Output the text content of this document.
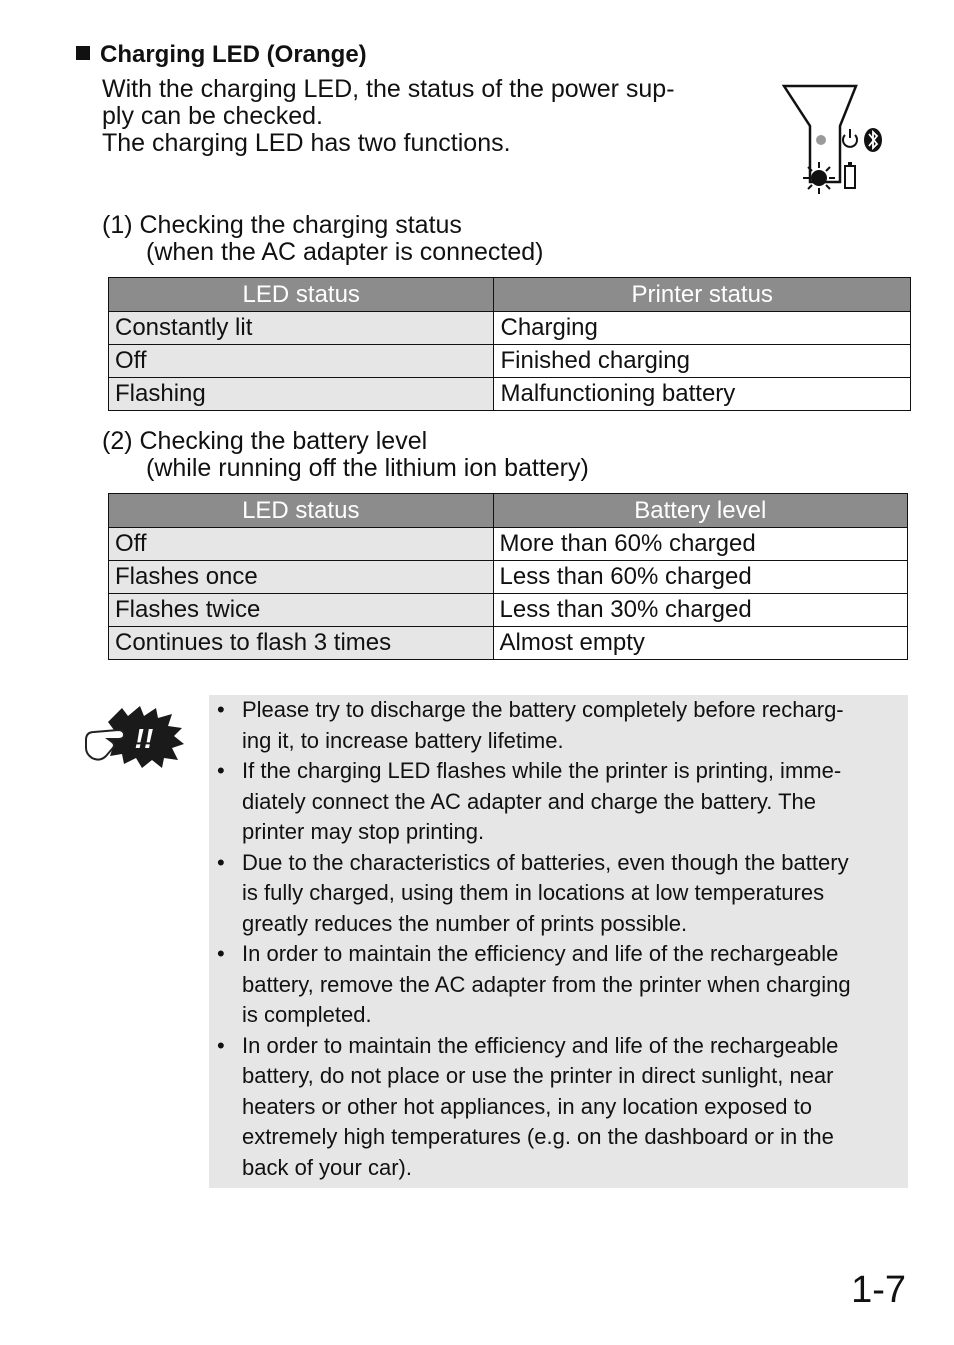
Charging LED (Orange)

With the charging LED, the status of the power sup-

ply can be checked.

The charging LED has two functions.

(1) Checking the charging status
(when the AC adapter is connected)
LED status	Printer status
Constantly lit	Charging
Off	Finished charging
Flashing	Malfunctioning battery
(2) Checking the battery level
(while running off the lithium ion battery)
LED status	Battery level
Off	More than 60% charged
Flashes once	Less than 60% charged
Flashes twice	Less than 30% charged
Continues to flash 3 times	Almost empty
!!
• Please try to discharge the battery completely before recharg-
ing it, to increase battery lifetime.
• If the charging LED flashes while the printer is printing, imme-
diately connect the AC adapter and charge the battery. The
printer may stop printing.
• Due to the characteristics of batteries, even though the battery
is fully charged, using them in locations at low temperatures
greatly reduces the number of prints possible.
• In order to maintain the efficiency and life of the rechargeable
battery, remove the AC adapter from the printer when charging
is completed.
• In order to maintain the efficiency and life of the rechargeable
battery, do not place or use the printer in direct sunlight, near
heaters or other hot appliances, in any location exposed to
extremely high temperatures (e.g. on the dashboard or in the
back of your car).
1-7
